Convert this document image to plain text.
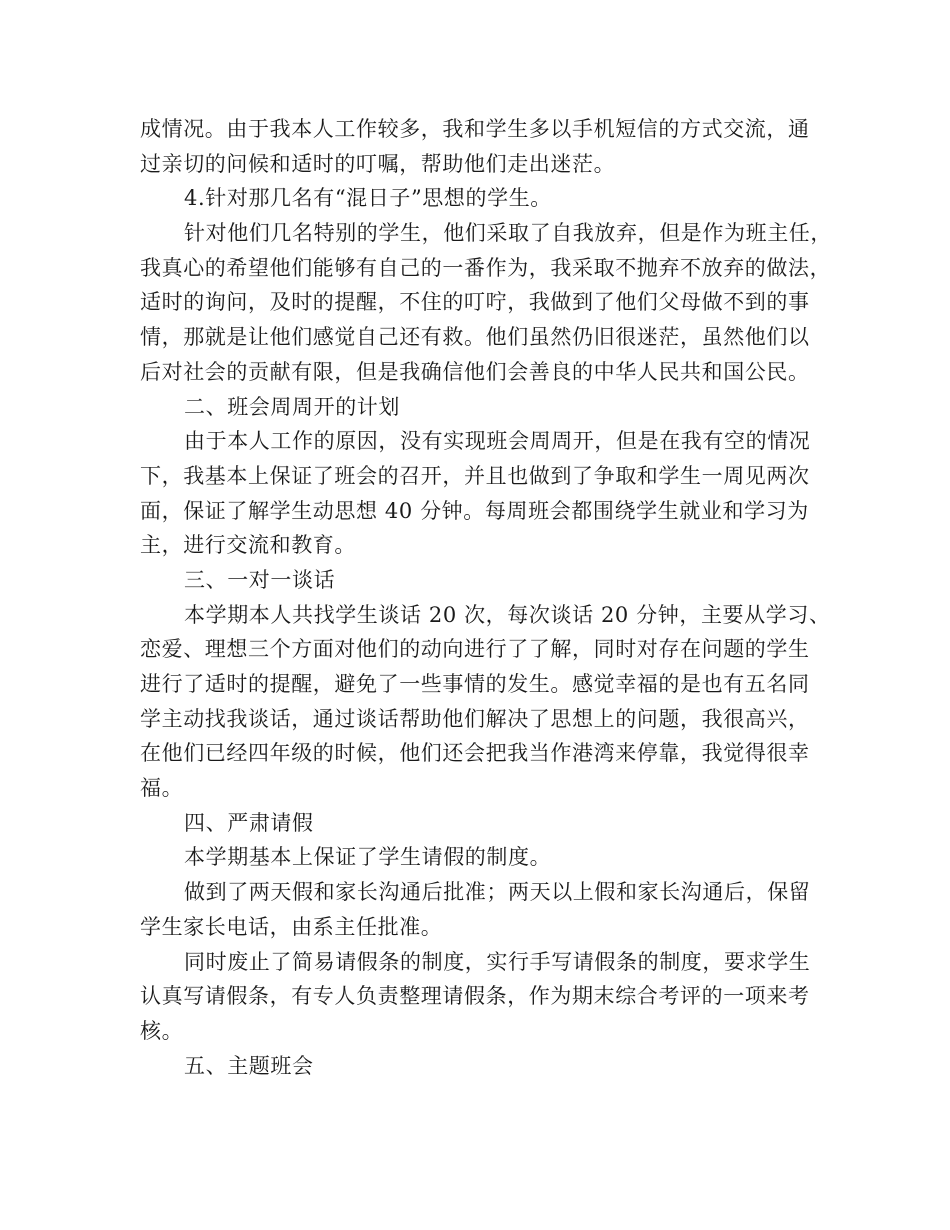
成情况。由于我本人工作较多，我和学生多以手机短信的方式交流，通
过亲切的问候和适时的叮嘱，帮助他们走出迷茫。
4.针对那几名有“混日子”思想的学生。
针对他们几名特别的学生，他们采取了自我放弃，但是作为班主任，
我真心的希望他们能够有自己的一番作为，我采取不抛弃不放弃的做法，
适时的询问，及时的提醒，不住的叮咛，我做到了他们父母做不到的事
情，那就是让他们感觉自己还有救。他们虽然仍旧很迷茫，虽然他们以
后对社会的贡献有限，但是我确信他们会善良的中华人民共和国公民。
二、班会周周开的计划
由于本人工作的原因，没有实现班会周周开，但是在我有空的情况
下，我基本上保证了班会的召开，并且也做到了争取和学生一周见两次
面，保证了解学生动思想 40 分钟。每周班会都围绕学生就业和学习为
主，进行交流和教育。
三、一对一谈话
本学期本人共找学生谈话 20 次，每次谈话 20 分钟，主要从学习、
恋爱、理想三个方面对他们的动向进行了了解，同时对存在问题的学生
进行了适时的提醒，避免了一些事情的发生。感觉幸福的是也有五名同
学主动找我谈话，通过谈话帮助他们解决了思想上的问题，我很高兴，
在他们已经四年级的时候，他们还会把我当作港湾来停靠，我觉得很幸
福。
四、严肃请假
本学期基本上保证了学生请假的制度。
做到了两天假和家长沟通后批准；两天以上假和家长沟通后，保留
学生家长电话，由系主任批准。
同时废止了简易请假条的制度，实行手写请假条的制度，要求学生
认真写请假条，有专人负责整理请假条，作为期末综合考评的一项来考
核。
五、主题班会
